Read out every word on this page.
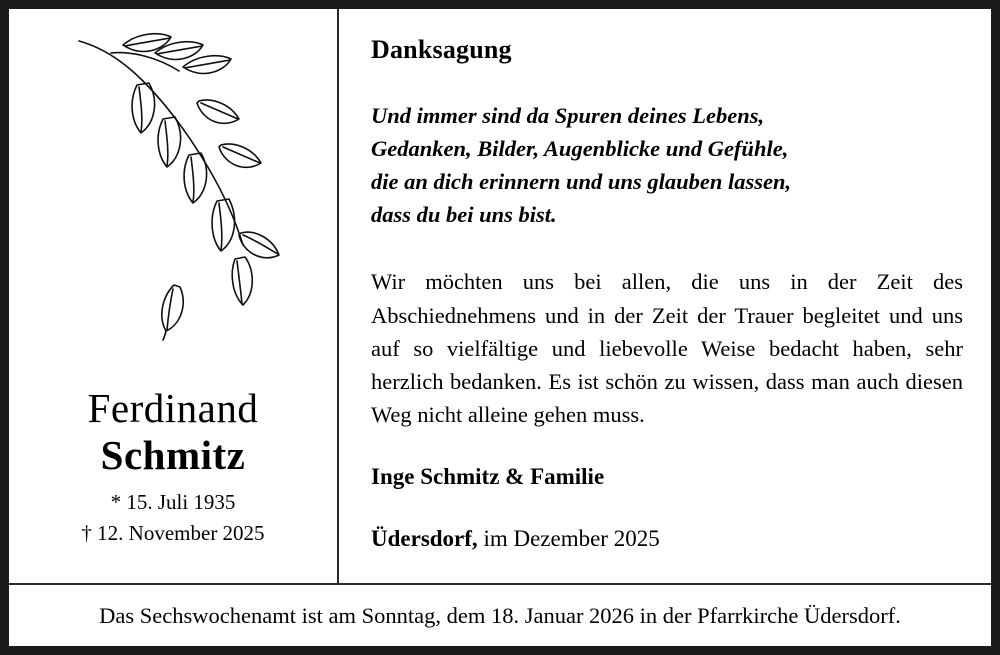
Ferdinand
Schmitz
* 15. Juli 1935
† 12. November 2025
Danksagung
Und immer sind da Spuren deines Lebens,
Gedanken, Bilder, Augenblicke und Gefühle,
die an dich erinnern und uns glauben lassen,
dass du bei uns bist.

Wir möchten uns bei allen, die uns in der Zeit des Abschiednehmens und in der Zeit der Trauer begleitet und uns auf so vielfältige und liebevolle Weise bedacht haben, sehr herzlich bedanken. Es ist schön zu wissen, dass man auch diesen Weg nicht alleine gehen muss.

Inge Schmitz & Familie

Üdersdorf, im Dezember 2025

Das Sechswochenamt ist am Sonntag, dem 18. Januar 2026 in der Pfarrkirche Üdersdorf.
